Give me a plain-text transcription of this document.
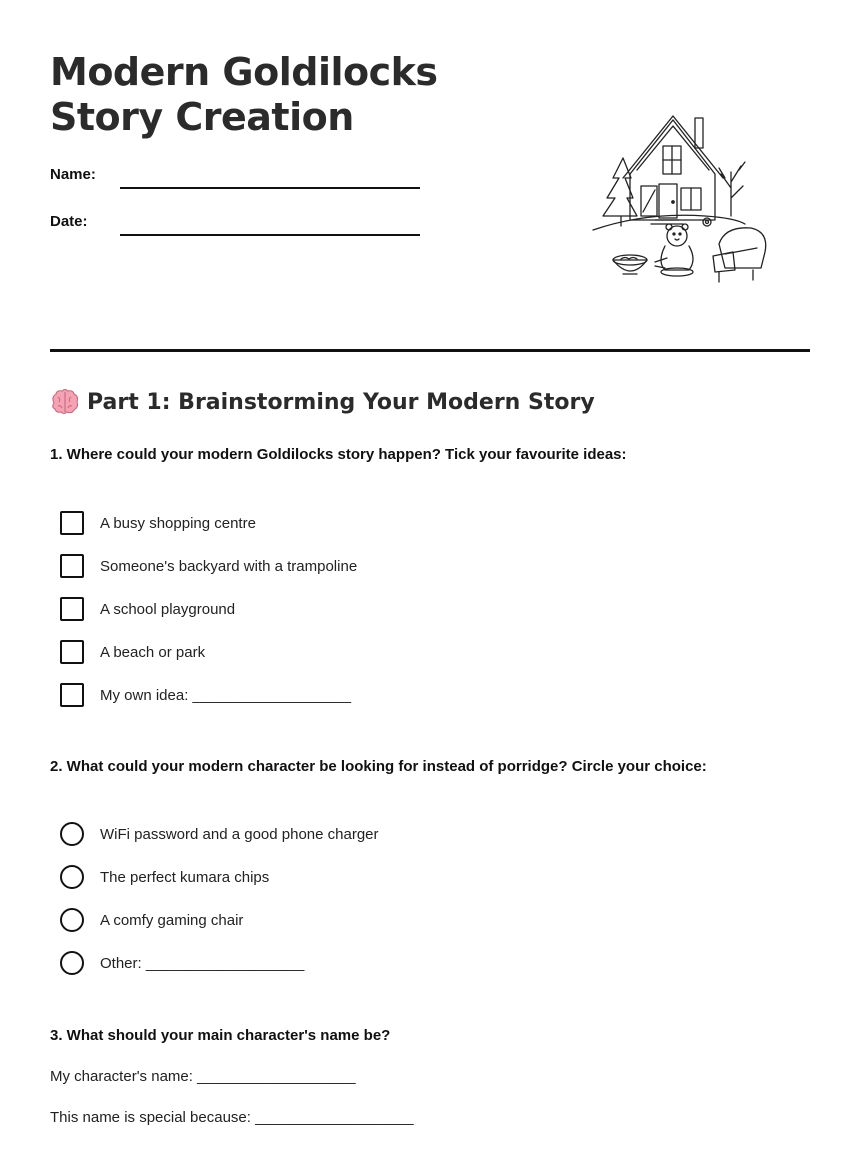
Modern Goldilocks
Story Creation
Name:
Date:
Part 1: Brainstorming Your Modern Story
1. Where could your modern Goldilocks story happen? Tick your favourite ideas:
A busy shopping centre
Someone's backyard with a trampoline
A school playground
A beach or park
My own idea: ___________________
2. What could your modern character be looking for instead of porridge? Circle your choice:
WiFi password and a good phone charger
The perfect kumara chips
A comfy gaming chair
Other: ___________________
3. What should your main character's name be?
My character's name: ___________________
This name is special because: ___________________
